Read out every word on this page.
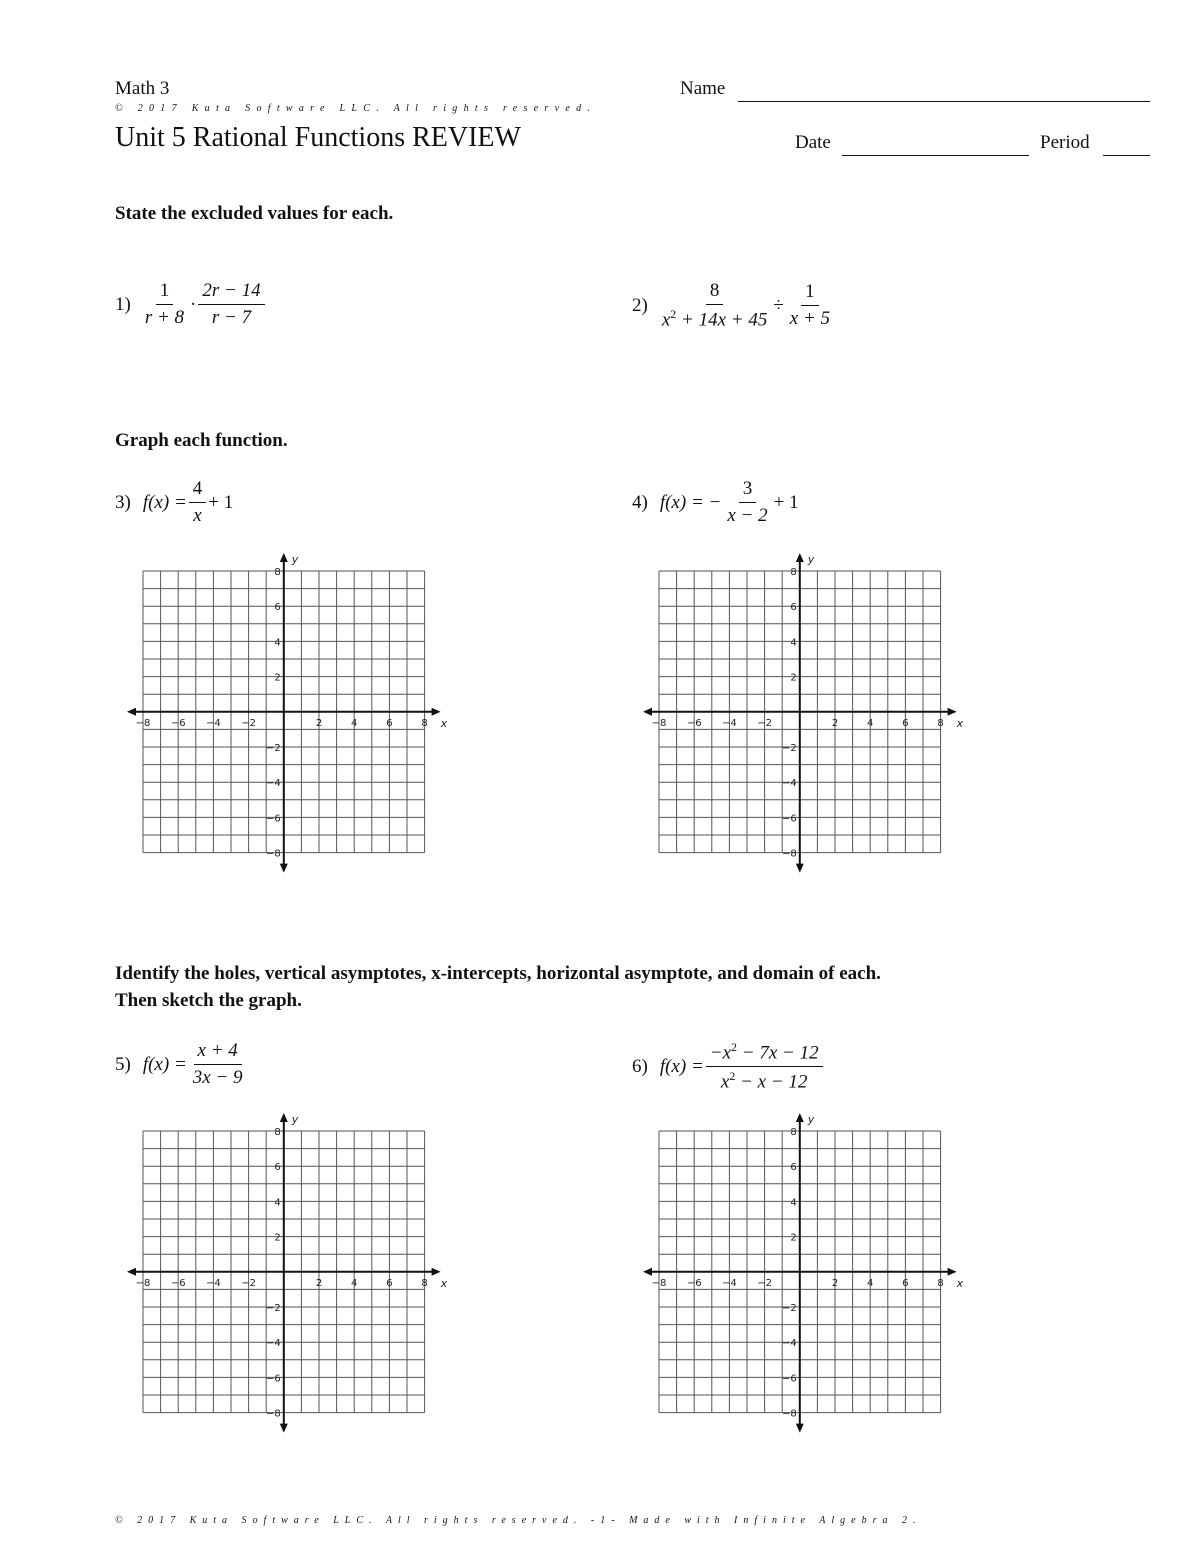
Math 3	Name
© 2017 Kuta Software LLC. All rights reserved.
Unit 5 Rational Functions REVIEW	Date	Period
State the excluded values for each.
$1) \frac{1}{r + 8} \cdot \frac{2r - 14}{r - 7}$	$2) \frac{8}{x^2 + 14x + 45} \div \frac{1}{x + 5}$
Graph each function.
3) $f(x) = \frac{4}{x} + 1$	4) f(x) = − $\frac{3}{x - 2} + 1$
−8 −6 −4 −2	2	4	6	8
8
6
4
2
−2
−4
−6
−8
x
y
−8 −6 −4 −2	2	4	6	8
8
6
4
2
−2
−4
−6
−8
x
y
Identify the holes, vertical asymptotes, x-intercepts, horizontal asymptote, and domain of each.
Then sketch the graph.
5) $f(x) = \frac{x + 4}{3x - 9}$	6) $f(x) = \frac{-x^2 - 7x - 12}{x^2 - x - 12}$
−8 −6 −4 −2	2	4	6	8
8
6
4
2
−2
−4
−6
−8
x
y
−8 −6 −4 −2	2	4	6	8
8
6
4
2
−2
−4
−6
−8
x
y
© 2017 Kuta Software LLC. All rights reserved. -1- Made with Infinite Algebra 2.
